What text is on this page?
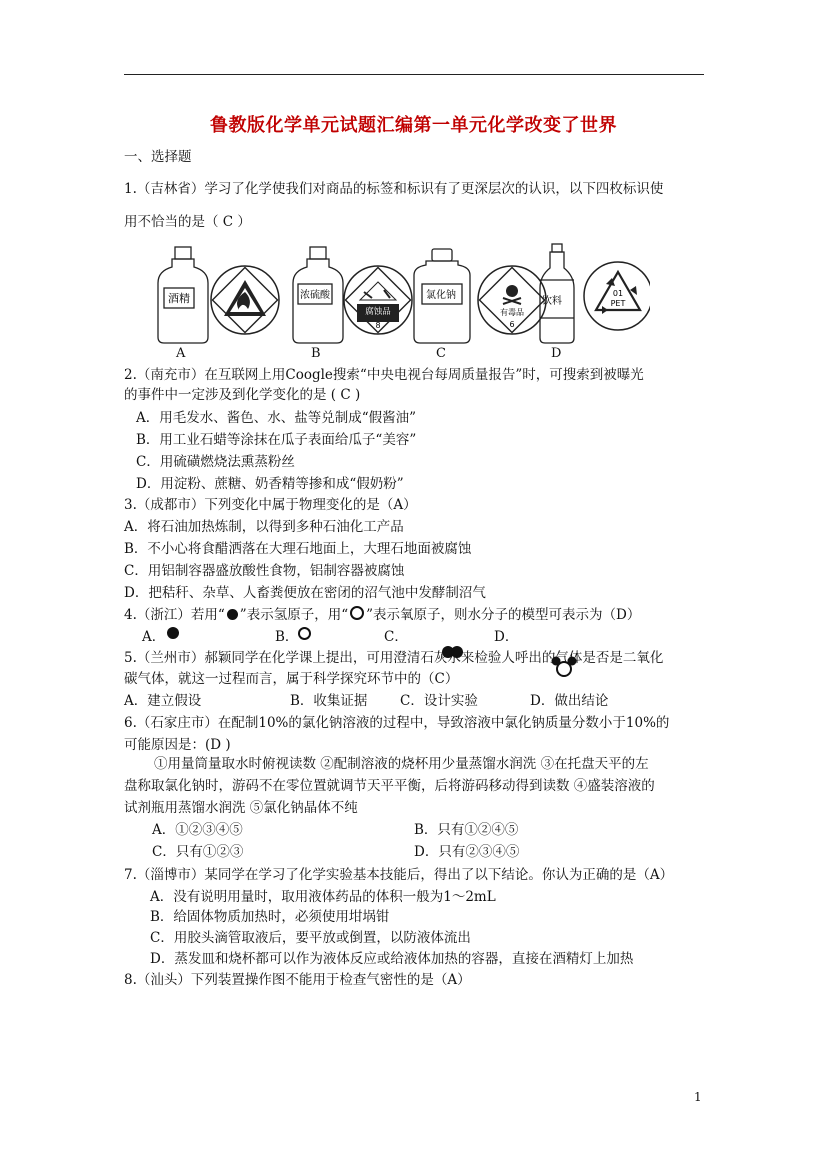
鲁教版化学单元试题汇编第一单元化学改变了世界
一、选择题
1.（吉林省）学习了化学使我们对商品的标签和标识有了更深层次的认识，以下四枚标识使
用不恰当的是（ C ）
酒精	浓硫酸
腐蚀品
8
氯化钠
有毒品
6
饮料
01
PET
A	B	C	D
2.（南充市）在互联网上用Coogle搜索“中央电视台每周质量报告”时，可搜索到被曝光
的事件中一定涉及到化学变化的是 ( C )
A．用毛发水、酱色、水、盐等兑制成“假酱油”
B．用工业石蜡等涂抹在瓜子表面给瓜子“美容”
C．用硫磺燃烧法熏蒸粉丝
D．用淀粉、蔗糖、奶香精等掺和成“假奶粉”
3.（成都市）下列变化中属于物理变化的是（A）
A．将石油加热炼制，以得到多种石油化工产品
B．不小心将食醋洒落在大理石地面上，大理石地面被腐蚀
C．用铝制容器盛放酸性食物，铝制容器被腐蚀
D．把秸秆、杂草、人畜粪便放在密闭的沼气池中发酵制沼气
4.（浙江）若用“ ”表示氢原子，用“ ”表示氧原子，则水分子的模型可表示为（D）
A．	B．	C．	D．
5.（兰州市）郝颖同学在化学课上提出，可用澄清石灰水来检验人呼出的气体是否是二氧化
碳气体，就这一过程而言，属于科学探究环节中的（C）
A．建立假设	B．收集证据 C．设计实验	D．做出结论
6.（石家庄市）在配制10%的氯化钠溶液的过程中，导致溶液中氯化钠质量分数小于10%的
可能原因是：(D )
①用量筒量取水时俯视读数 ②配制溶液的烧杯用少量蒸馏水润洗 ③在托盘天平的左
盘称取氯化钠时，游码不在零位置就调节天平平衡，后将游码移动得到读数 ④盛装溶液的
试剂瓶用蒸馏水润洗 ⑤氯化钠晶体不纯
A．①②③④⑤	B．只有①②④⑤
C．只有①②③	D．只有②③④⑤
7.（淄博市）某同学在学习了化学实验基本技能后，得出了以下结论。你认为正确的是（A）
A．没有说明用量时，取用液体药品的体积一般为1～2mL
B．给固体物质加热时，必须使用坩埚钳
C．用胶头滴管取液后，要平放或倒置，以防液体流出
D．蒸发皿和烧杯都可以作为液体反应或给液体加热的容器，直接在酒精灯上加热
8.（汕头）下列装置操作图不能用于检查气密性的是（A）
1
